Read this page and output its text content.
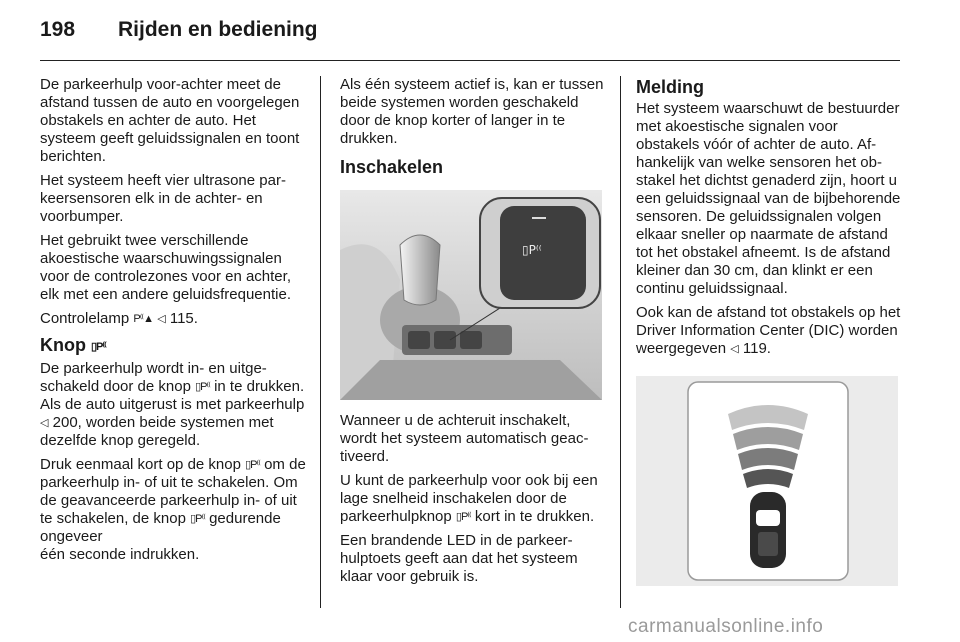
198 Rijden en bediening

De parkeerhulp voor-achter meet de afstand tussen de auto en voorgelegen obstakels en achter de auto. Het systeem geeft geluidssignalen en toont berichten.

Het systeem heeft vier ultrasone parkeersensoren elk in de achter- en voorbumper.

Het gebruikt twee verschillende akoestische waarschuwingssignalen voor de controlezones voor en achter, elk met een andere geluidsfrequentie.

Controlelamp P⁽⁽▲ ◁ 115.

Knop ▯P⁽⁽

De parkeerhulp wordt in- en uitgeschakeld door de knop ▯P⁽⁽ in te drukken. Als de auto uitgerust is met parkeerhulp ◁ 200, worden beide systemen met dezelfde knop geregeld.

Druk eenmaal kort op de knop ▯P⁽⁽ om de parkeerhulp in- of uit te schakelen. Om de geavanceerde parkeerhulp in- of uit te schakelen, de knop ▯P⁽⁽ gedurende ongeveer
één seconde indrukken.

Als één systeem actief is, kan er tussen beide systemen worden geschakeld door de knop korter of langer in te drukken.

Inschakelen
▯P⁽⁽

Wanneer u de achteruit inschakelt, wordt het systeem automatisch geactiveerd.

U kunt de parkeerhulp voor ook bij een lage snelheid inschakelen door de parkeerhulpknop ▯P⁽⁽ kort in te drukken.

Een brandende LED in de parkeerhulptoets geeft aan dat het systeem klaar voor gebruik is.

Melding

Het systeem waarschuwt de bestuurder met akoestische signalen voor obstakels vóór of achter de auto. Afhankelijk van welke sensoren het obstakel het dichtst genaderd zijn, hoort u een geluidssignaal van de bijbehorende sensoren. De geluidssignalen volgen elkaar sneller op naarmate de afstand tot het obstakel afneemt. Is de afstand kleiner dan 30 cm, dan klinkt er een continu geluidssignaal.

Ook kan de afstand tot obstakels op het Driver Information Center (DIC) worden weergegeven ◁ 119.

carmanualsonline.info
